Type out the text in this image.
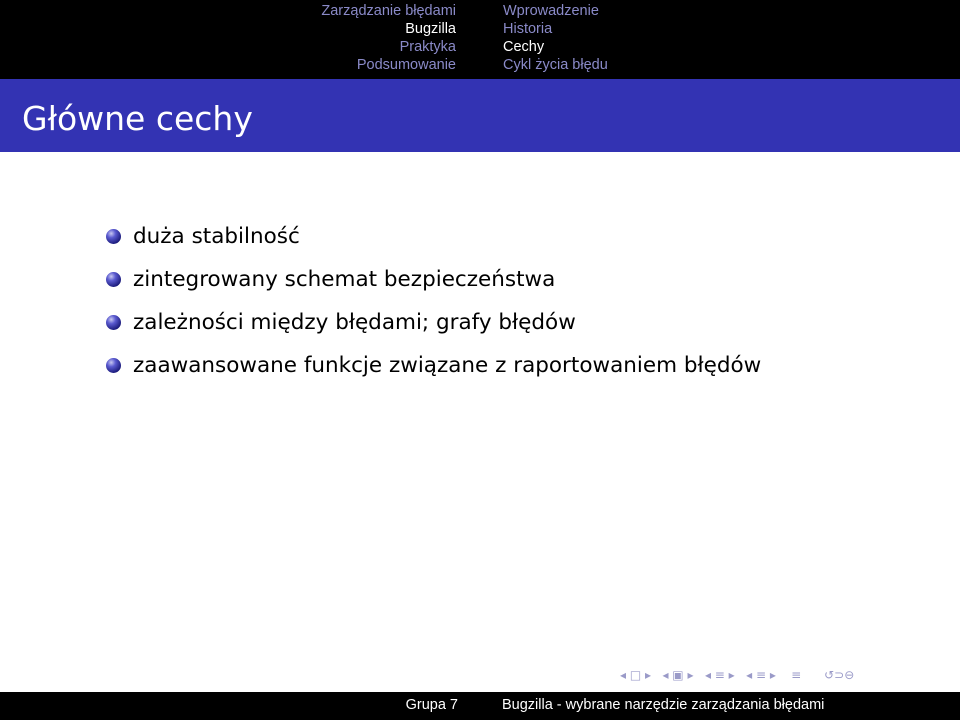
Zarządzanie błędami
Bugzilla
Praktyka
Podsumowanie
Wprowadzenie
Historia
Cechy
Cykl życia błędu
Główne cechy
duża stabilność
zintegrowany schemat bezpieczeństwa
zależności między błędami; grafy błędów
zaawansowane funkcje związane z raportowaniem błędów
◂ □ ▸ ◂ ▣ ▸ ◂ ≡ ▸ ◂ ≡ ▸ ≡ ↺⊃⊖
Grupa 7	Bugzilla - wybrane narzędzie zarządzania błędami
